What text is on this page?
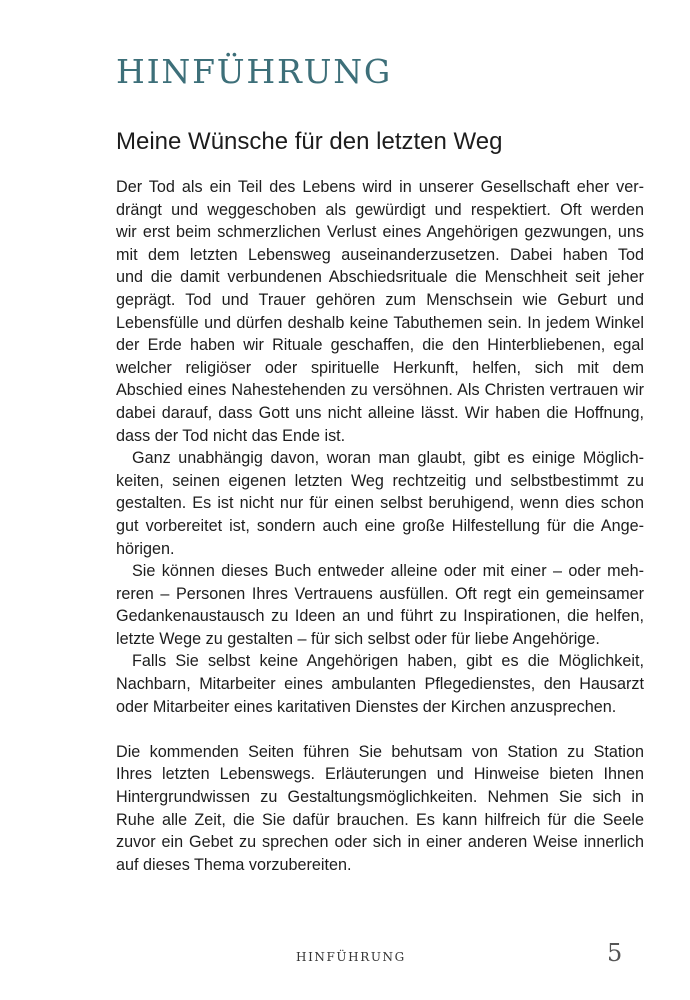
HINFÜHRUNG
Meine Wünsche für den letzten Weg
Der Tod als ein Teil des Lebens wird in unserer Gesellschaft eher ver-
drängt und weggeschoben als gewürdigt und respektiert. Oft werden
wir erst beim schmerzlichen Verlust eines Angehörigen gezwungen, uns
mit dem letzten Lebensweg auseinanderzusetzen. Dabei haben Tod
und die damit verbundenen Abschiedsrituale die Menschheit seit jeher
geprägt. Tod und Trauer gehören zum Menschsein wie Geburt und
Lebensfülle und dürfen deshalb keine Tabuthemen sein. In jedem Winkel
der Erde haben wir Rituale geschaffen, die den Hinterbliebenen, egal
welcher religiöser oder spirituelle Herkunft, helfen, sich mit dem
Abschied eines Nahestehenden zu versöhnen. Als Christen vertrauen wir
dabei darauf, dass Gott uns nicht alleine lässt. Wir haben die Hoffnung,
dass der Tod nicht das Ende ist.
Ganz unabhängig davon, woran man glaubt, gibt es einige Möglich-
keiten, seinen eigenen letzten Weg rechtzeitig und selbstbestimmt zu
gestalten. Es ist nicht nur für einen selbst beruhigend, wenn dies schon
gut vorbereitet ist, sondern auch eine große Hilfestellung für die Ange-
hörigen.
Sie können dieses Buch entweder alleine oder mit einer – oder meh-
reren – Personen Ihres Vertrauens ausfüllen. Oft regt ein gemeinsamer
Gedankenaustausch zu Ideen an und führt zu Inspirationen, die helfen,
letzte Wege zu gestalten – für sich selbst oder für liebe Angehörige.
Falls Sie selbst keine Angehörigen haben, gibt es die Möglichkeit,
Nachbarn, Mitarbeiter eines ambulanten Pflegedienstes, den Hausarzt
oder Mitarbeiter eines karitativen Dienstes der Kirchen anzusprechen.
Die kommenden Seiten führen Sie behutsam von Station zu Station
Ihres letzten Lebenswegs. Erläuterungen und Hinweise bieten Ihnen
Hintergrundwissen zu Gestaltungsmöglichkeiten. Nehmen Sie sich in
Ruhe alle Zeit, die Sie dafür brauchen. Es kann hilfreich für die Seele
zuvor ein Gebet zu sprechen oder sich in einer anderen Weise innerlich
auf dieses Thema vorzubereiten.
HINFÜHRUNG	5
